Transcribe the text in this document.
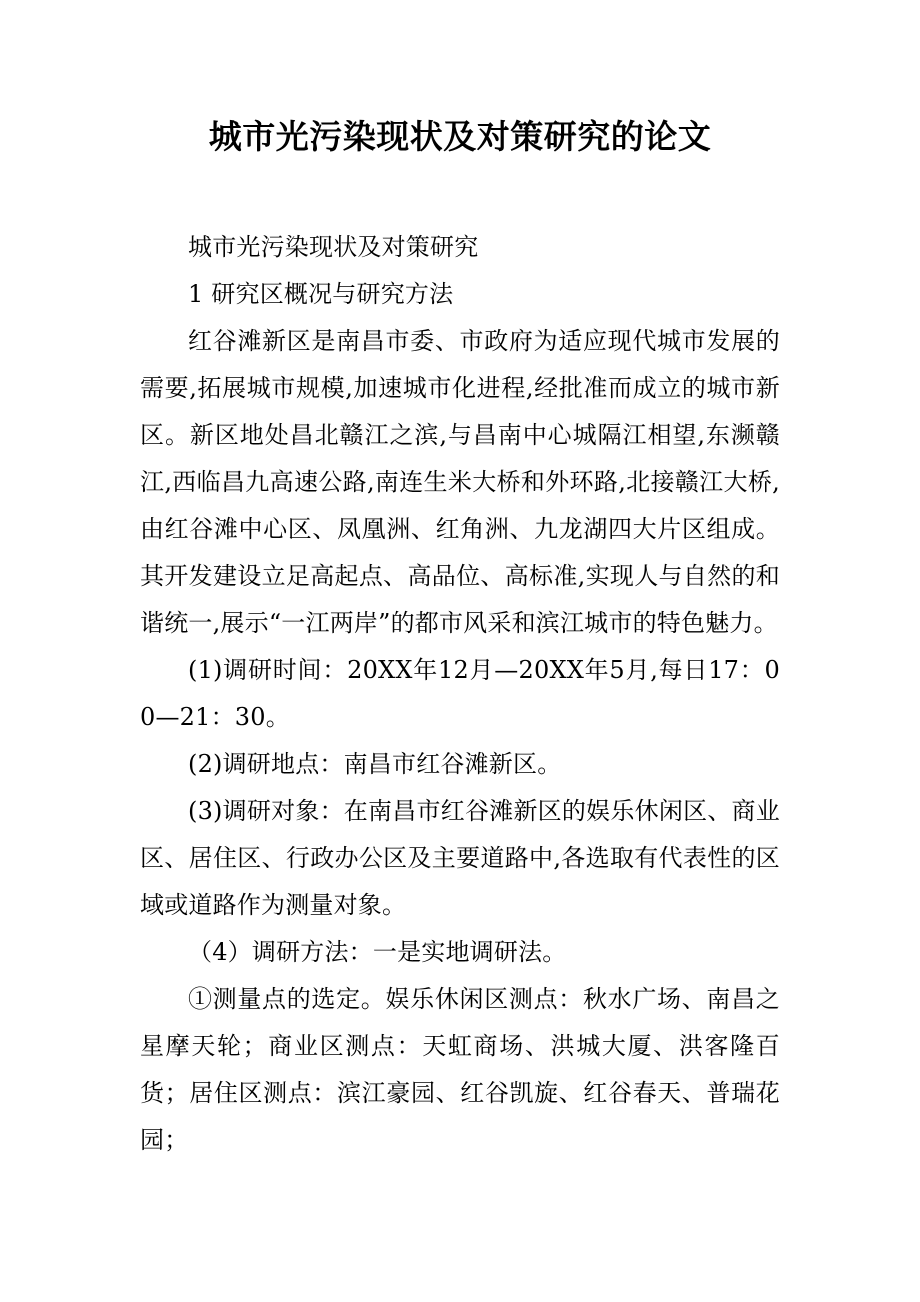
城市光污染现状及对策研究的论文

城市光污染现状及对策研究

1 研究区概况与研究方法

红谷滩新区是南昌市委、市政府为适应现代城市发展的需要,拓展城市规模,加速城市化进程,经批准而成立的城市新区。新区地处昌北赣江之滨,与昌南中心城隔江相望,东濒赣江,西临昌九高速公路,南连生米大桥和外环路,北接赣江大桥,由红谷滩中心区、凤凰洲、红角洲、九龙湖四大片区组成。其开发建设立足高起点、高品位、高标准,实现人与自然的和谐统一,展示“一江两岸”的都市风采和滨江城市的特色魅力。

(1)调研时间：20XX年12月—20XX年5月,每日17：00—21：30。

(2)调研地点：南昌市红谷滩新区。

(3)调研对象：在南昌市红谷滩新区的娱乐休闲区、商业区、居住区、行政办公区及主要道路中,各选取有代表性的区域或道路作为测量对象。

（4）调研方法：一是实地调研法。

①测量点的选定。娱乐休闲区测点：秋水广场、南昌之星摩天轮；商业区测点：天虹商场、洪城大厦、洪客隆百货；居住区测点：滨江豪园、红谷凯旋、红谷春天、普瑞花园；
